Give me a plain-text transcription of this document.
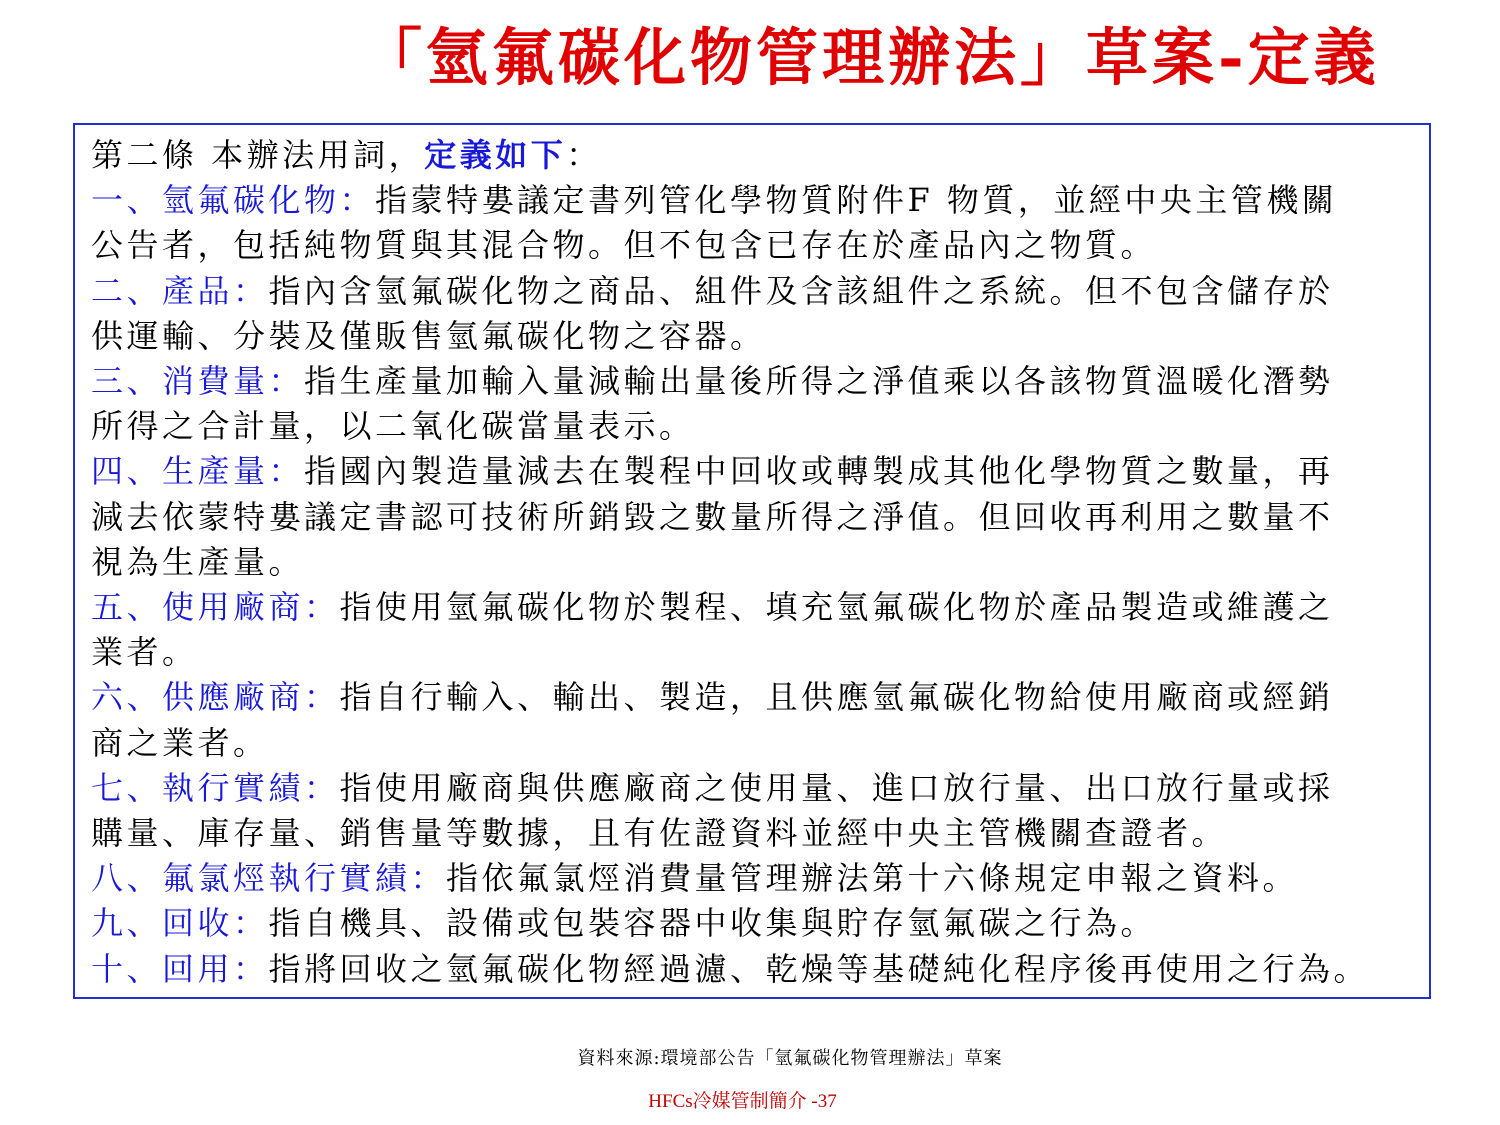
「氫氟碳化物管理辦法」草案-定義
第二條 本辦法用詞，定義如下：
一、氫氟碳化物：指蒙特婁議定書列管化學物質附件F 物質，並經中央主管機關
公告者，包括純物質與其混合物。但不包含已存在於產品內之物質。
二、產品：指內含氫氟碳化物之商品、組件及含該組件之系統。但不包含儲存於
供運輸、分裝及僅販售氫氟碳化物之容器。
三、消費量：指生產量加輸入量減輸出量後所得之淨值乘以各該物質溫暖化潛勢
所得之合計量，以二氧化碳當量表示。
四、生產量：指國內製造量減去在製程中回收或轉製成其他化學物質之數量，再
減去依蒙特婁議定書認可技術所銷毀之數量所得之淨值。但回收再利用之數量不
視為生產量。
五、使用廠商：指使用氫氟碳化物於製程、填充氫氟碳化物於產品製造或維護之
業者。
六、供應廠商：指自行輸入、輸出、製造，且供應氫氟碳化物給使用廠商或經銷
商之業者。
七、執行實績：指使用廠商與供應廠商之使用量、進口放行量、出口放行量或採
購量、庫存量、銷售量等數據，且有佐證資料並經中央主管機關查證者。
八、氟氯烴執行實績：指依氟氯烴消費量管理辦法第十六條規定申報之資料。
九、回收：指自機具、設備或包裝容器中收集與貯存氫氟碳之行為。
十、回用：指將回收之氫氟碳化物經過濾、乾燥等基礎純化程序後再使用之行為。
資料來源:環境部公告「氫氟碳化物管理辦法」草案
HFCs冷媒管制簡介 -37
